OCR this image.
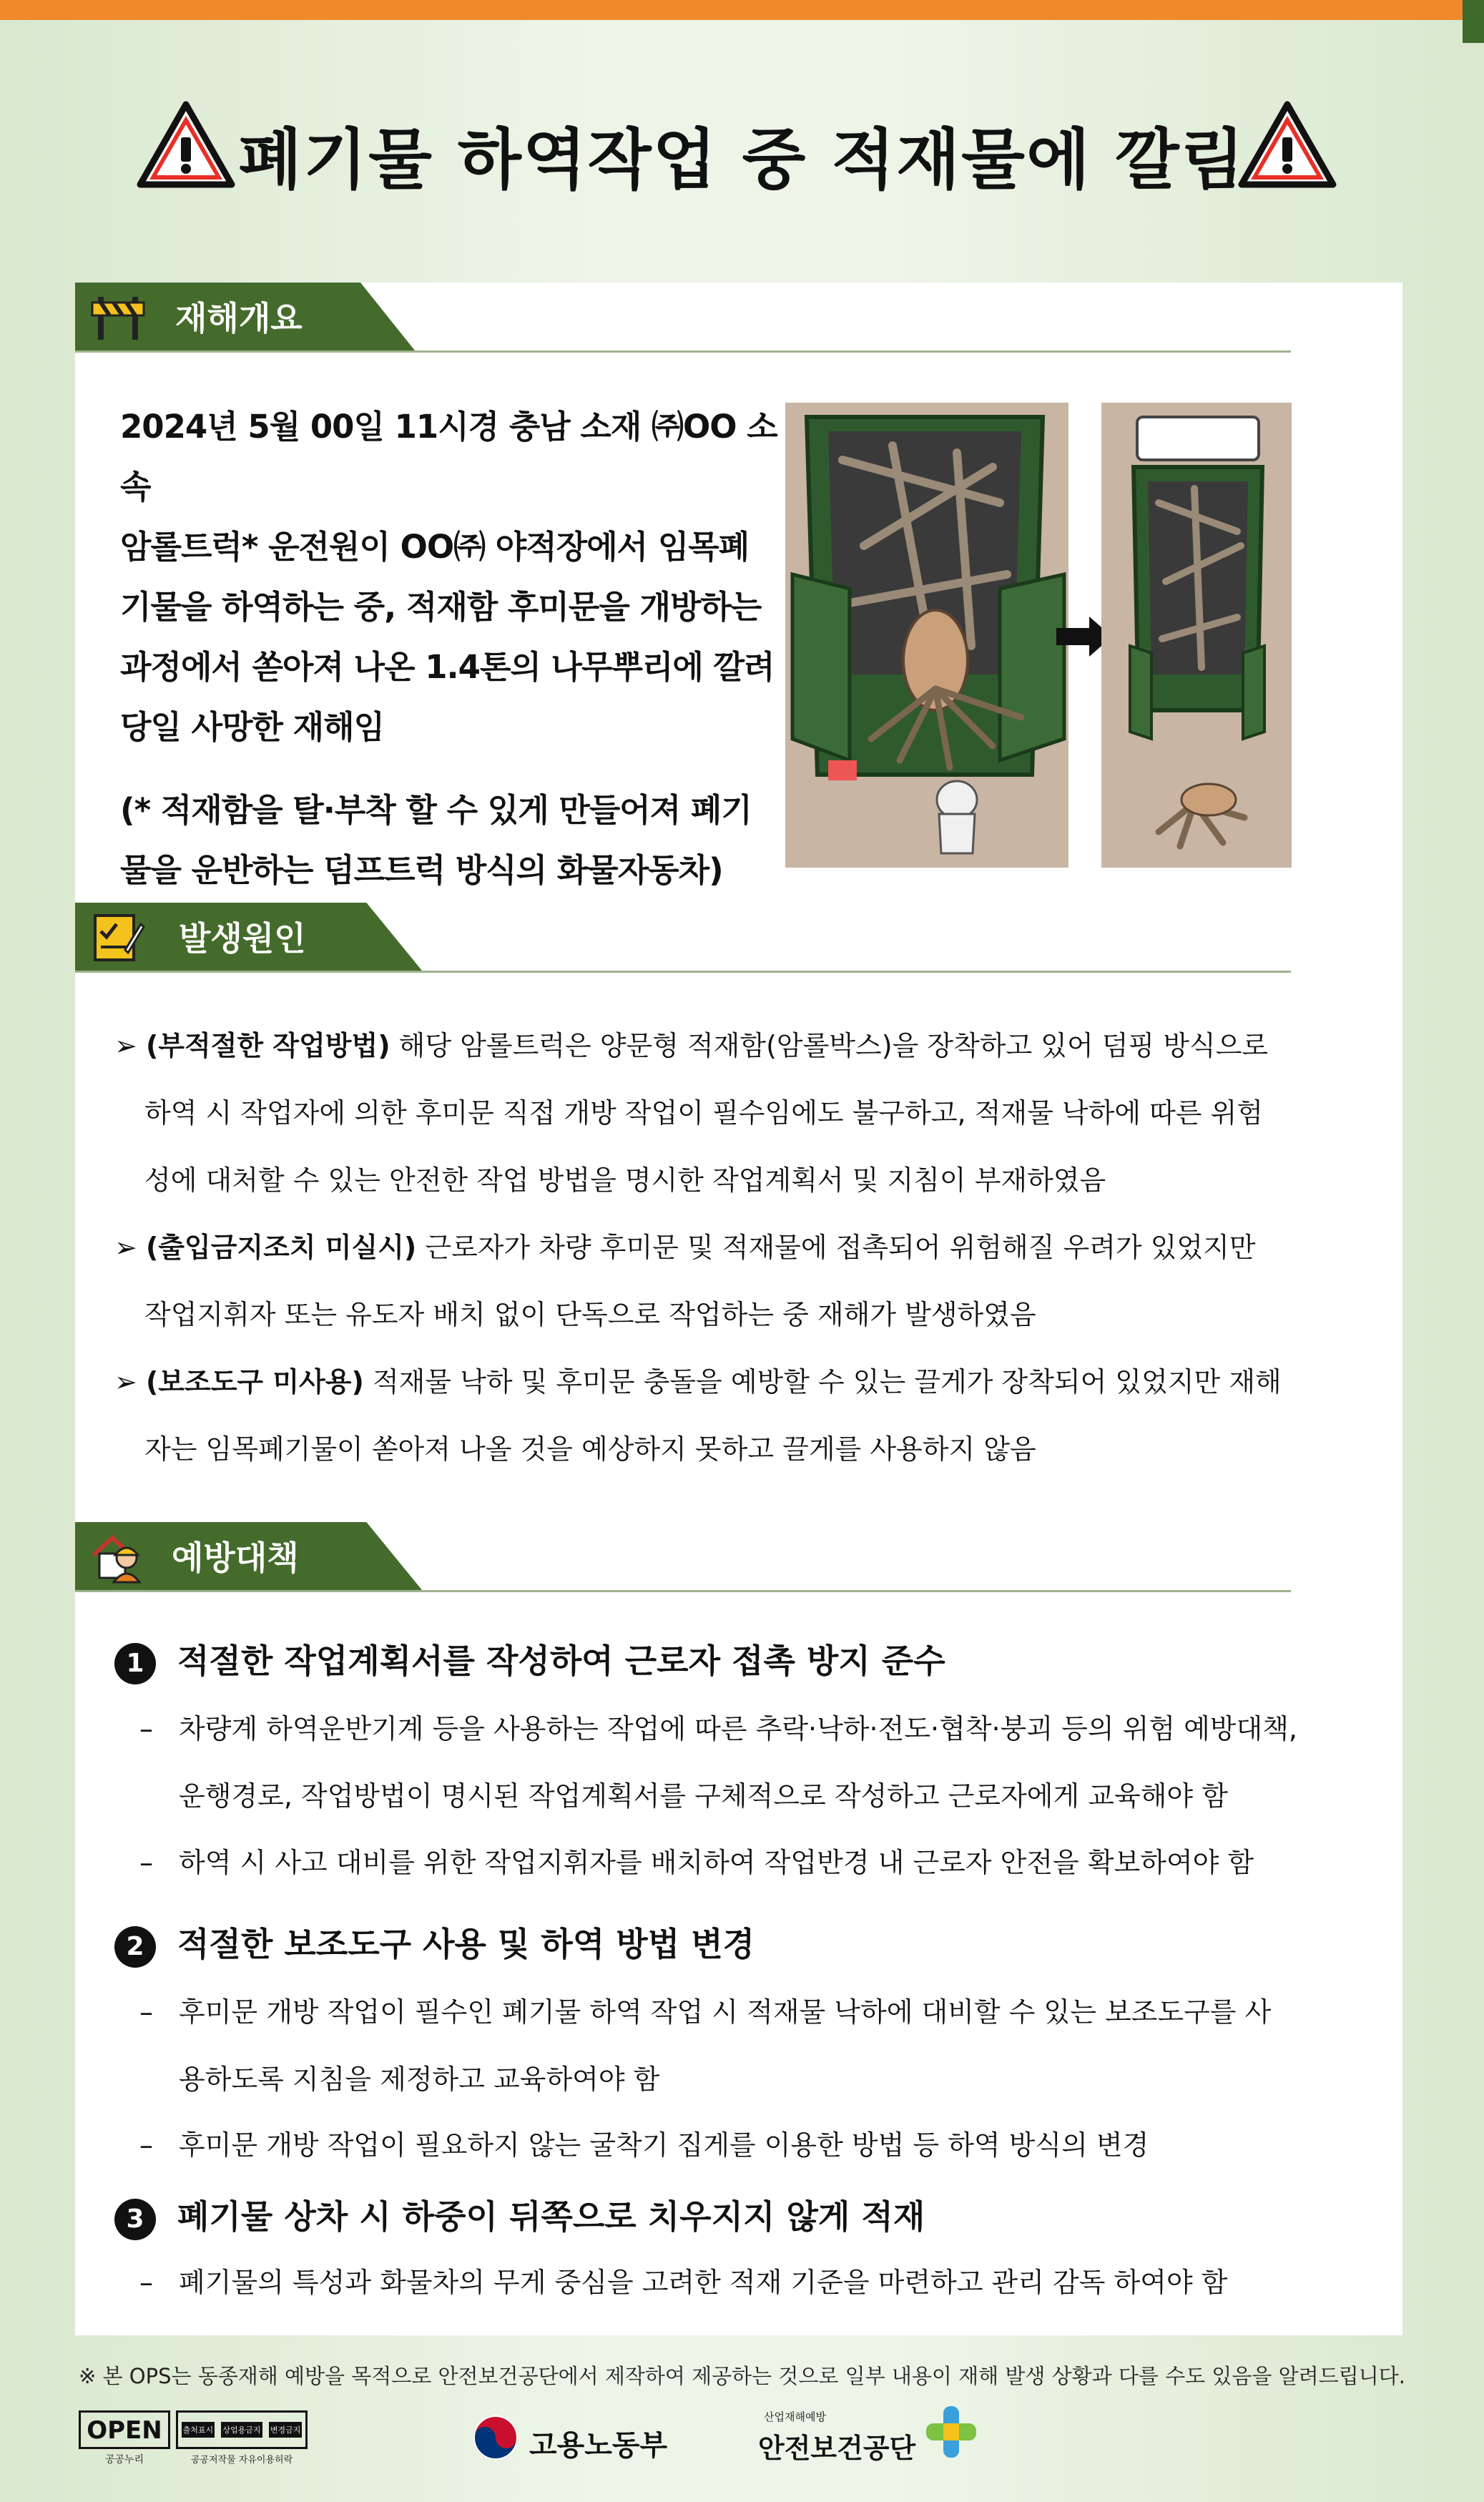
폐기물 하역작업 중 적재물에 깔림
재해개요

2024년 5월 00일 11시경 충남 소재 ㈜OO 소속

암롤트럭* 운전원이 OO㈜ 야적장에서 임목폐

기물을 하역하는 중, 적재함 후미문을 개방하는

과정에서 쏟아져 나온 1.4톤의 나무뿌리에 깔려

당일 사망한 재해임

(* 적재함을 탈·부착 할 수 있게 만들어져 폐기

물을 운반하는 덤프트럭 방식의 화물자동차)

발생원인
➢ (부적절한 작업방법) 해당 암롤트럭은 양문형 적재함(암롤박스)을 장착하고 있어 덤핑 방식으로
하역 시 작업자에 의한 후미문 직접 개방 작업이 필수임에도 불구하고, 적재물 낙하에 따른 위험
성에 대처할 수 있는 안전한 작업 방법을 명시한 작업계획서 및 지침이 부재하였음
➢ (출입금지조치 미실시) 근로자가 차량 후미문 및 적재물에 접촉되어 위험해질 우려가 있었지만
작업지휘자 또는 유도자 배치 없이 단독으로 작업하는 중 재해가 발생하였음
➢ (보조도구 미사용) 적재물 낙하 및 후미문 충돌을 예방할 수 있는 끌게가 장착되어 있었지만 재해
자는 임목폐기물이 쏟아져 나올 것을 예상하지 못하고 끌게를 사용하지 않음
예방대책
1 적절한 작업계획서를 작성하여 근로자 접촉 방지 준수
– 차량계 하역운반기계 등을 사용하는 작업에 따른 추락·낙하·전도·협착·붕괴 등의 위험 예방대책,
운행경로, 작업방법이 명시된 작업계획서를 구체적으로 작성하고 근로자에게 교육해야 함
– 하역 시 사고 대비를 위한 작업지휘자를 배치하여 작업반경 내 근로자 안전을 확보하여야 함
2 적절한 보조도구 사용 및 하역 방법 변경
– 후미문 개방 작업이 필수인 폐기물 하역 작업 시 적재물 낙하에 대비할 수 있는 보조도구를 사
용하도록 지침을 제정하고 교육하여야 함
– 후미문 개방 작업이 필요하지 않는 굴착기 집게를 이용한 방법 등 하역 방식의 변경
3 폐기물 상차 시 하중이 뒤쪽으로 치우지지 않게 적재
– 폐기물의 특성과 화물차의 무게 중심을 고려한 적재 기준을 마련하고 관리 감독 하여야 함
※ 본 OPS는 동종재해 예방을 목적으로 안전보건공단에서 제작하여 제공하는 것으로 일부 내용이 재해 발생 상황과 다를 수도 있음을 알려드립니다.
OPEN
공공누리
출처표시 상업용금지 변경금지
공공저작물 자유이용허락	고용노동부
산업재해예방
안전보건공단
